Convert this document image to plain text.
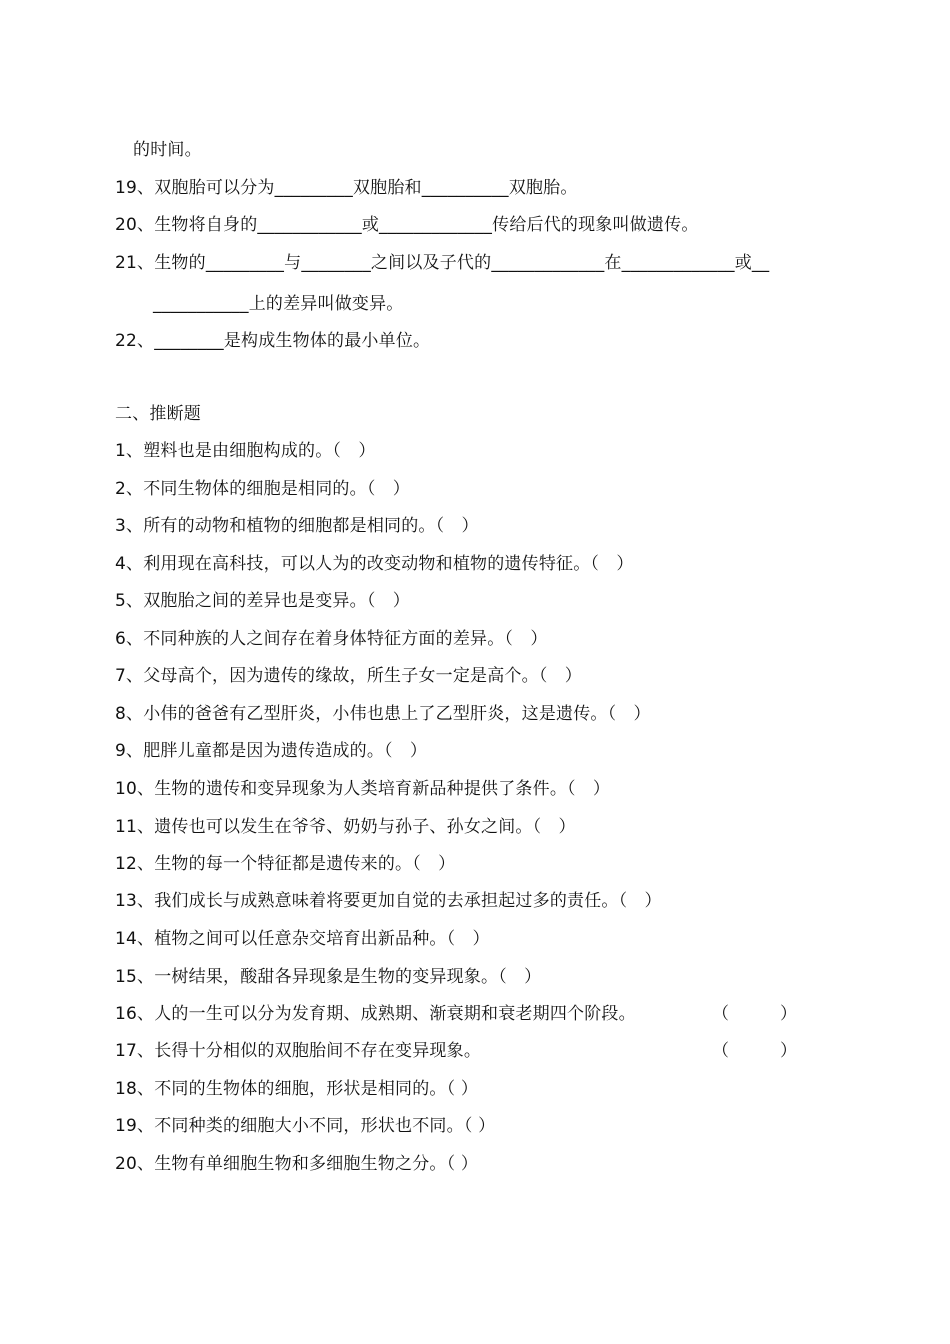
的时间。
19、双胞胎可以分为_________双胞胎和__________双胞胎。
20、生物将自身的____________或_____________传给后代的现象叫做遗传。
21、生物的_________与________之间以及子代的_____________在_____________或__
___________上的差异叫做变异。
22、________是构成生物体的最小单位。
二、推断题
1、塑料也是由细胞构成的。（　）
2、不同生物体的细胞是相同的。（　）
3、所有的动物和植物的细胞都是相同的。（　）
4、利用现在高科技，可以人为的改变动物和植物的遗传特征。（　）
5、双胞胎之间的差异也是变异。（　）
6、不同种族的人之间存在着身体特征方面的差异。（　）
7、父母高个，因为遗传的缘故，所生子女一定是高个。（　）
8、小伟的爸爸有乙型肝炎，小伟也患上了乙型肝炎，这是遗传。（　）
9、肥胖儿童都是因为遗传造成的。（　）
10、生物的遗传和变异现象为人类培育新品种提供了条件。（　）
11、遗传也可以发生在爷爷、奶奶与孙子、孙女之间。（　）
12、生物的每一个特征都是遗传来的。（　）
13、我们成长与成熟意味着将要更加自觉的去承担起过多的责任。（　）
14、植物之间可以任意杂交培育出新品种。（　）
15、一树结果，酸甜各异现象是生物的变异现象。（　）
16、人的一生可以分为发育期、成熟期、渐衰期和衰老期四个阶段。	（　　　）
17、长得十分相似的双胞胎间不存在变异现象。	（　　　）
18、不同的生物体的细胞，形状是相同的。（ ）
19、不同种类的细胞大小不同，形状也不同。（ ）
20、生物有单细胞生物和多细胞生物之分。（ ）
